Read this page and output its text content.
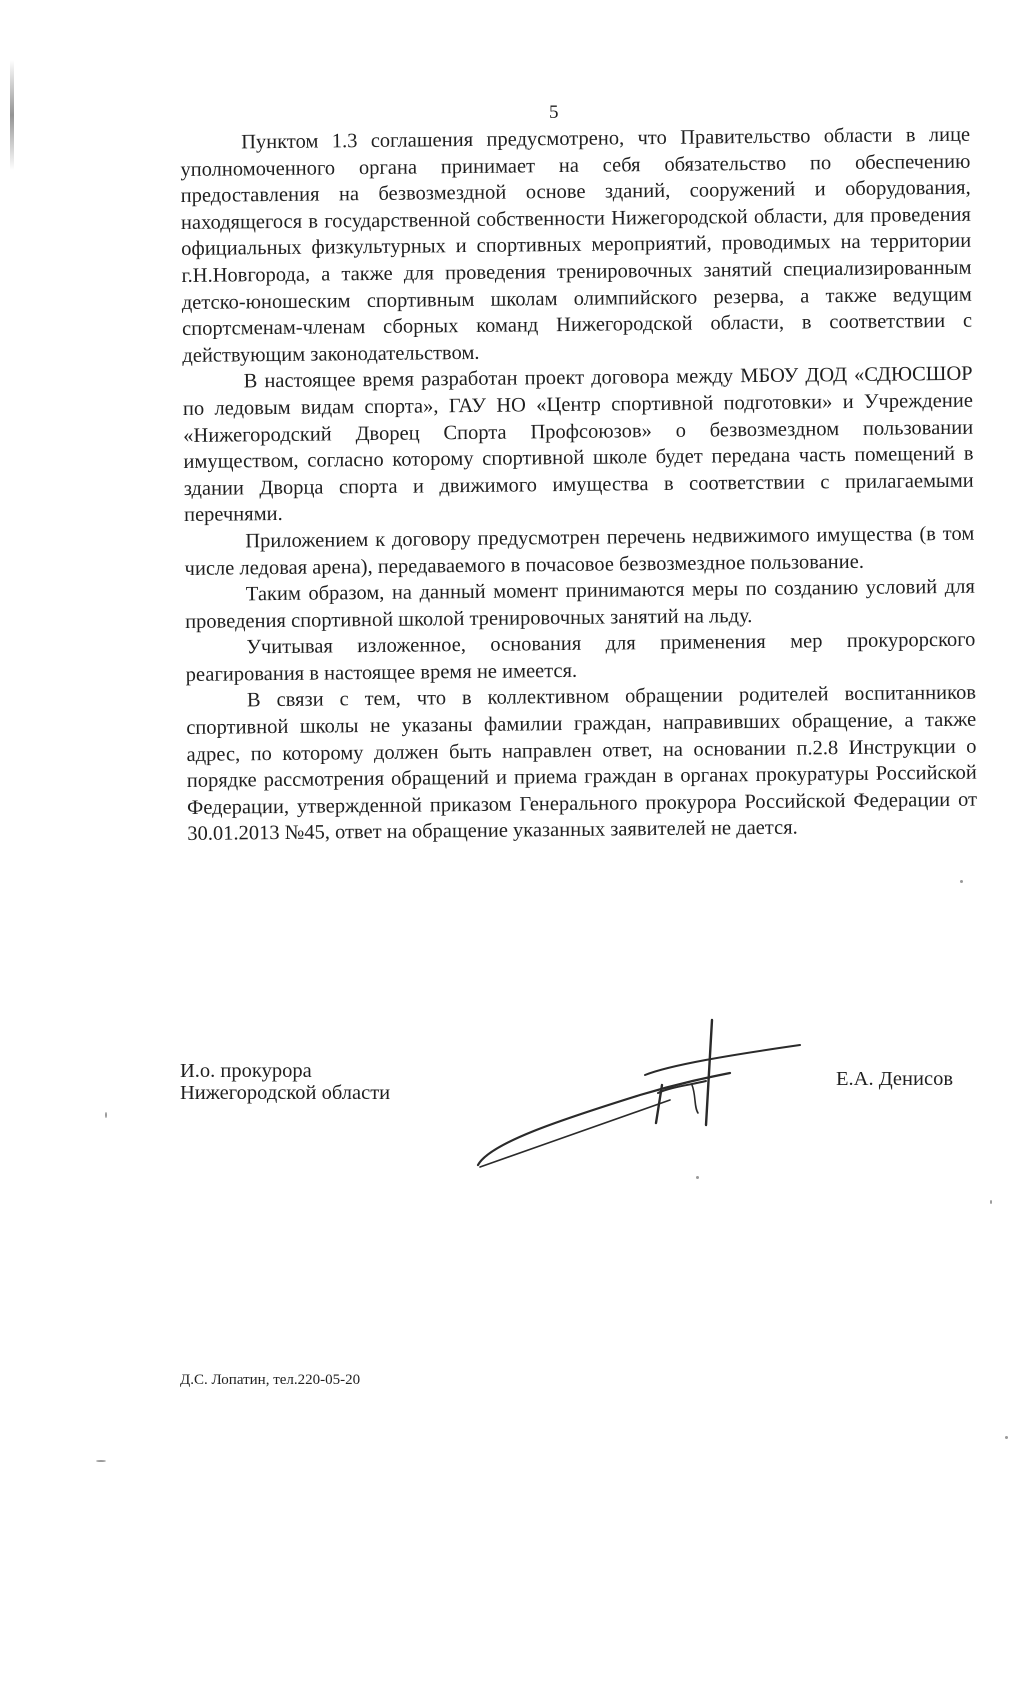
5

Пунктом 1.3 соглашения предусмотрено, что Правительство области в лице уполномоченного органа принимает на себя обязательство по обеспечению предоставления на безвозмездной основе зданий, сооружений и оборудования, находящегося в государственной собственности Нижегородской области, для проведения официальных физкультурных и спортивных мероприятий, проводимых на территории г.Н.Новгорода, а также для проведения тренировочных занятий специализированным детско-юношеским спортивным школам олимпийского резерва, а также ведущим спортсменам-членам сборных команд Нижегородской области, в соответствии с действующим законодательством.

В настоящее время разработан проект договора между МБОУ ДОД «СДЮСШОР по ледовым видам спорта», ГАУ НО «Центр спортивной подготовки» и Учреждение «Нижегородский Дворец Спорта Профсоюзов» о безвозмездном пользовании имуществом, согласно которому спортивной школе будет передана часть помещений в здании Дворца спорта и движимого имущества в соответствии с прилагаемыми перечнями.

Приложением к договору предусмотрен перечень недвижимого имущества (в том числе ледовая арена), передаваемого в почасовое безвозмездное пользование.

Таким образом, на данный момент принимаются меры по созданию условий для проведения спортивной школой тренировочных занятий на льду.

Учитывая изложенное, основания для применения мер прокурорского реагирования в настоящее время не имеется.

В связи с тем, что в коллективном обращении родителей воспитанников спортивной школы не указаны фамилии граждан, направивших обращение, а также адрес, по которому должен быть направлен ответ, на основании п.2.8 Инструкции о порядке рассмотрения обращений и приема граждан в органах прокуратуры Российской Федерации, утвержденной приказом Генерального прокурора Российской Федерации от 30.01.2013 №45, ответ на обращение указанных заявителей не дается.

И.о. прокурора
Нижегородской области
Е.А. Денисов
Д.С. Лопатин, тел.220-05-20
